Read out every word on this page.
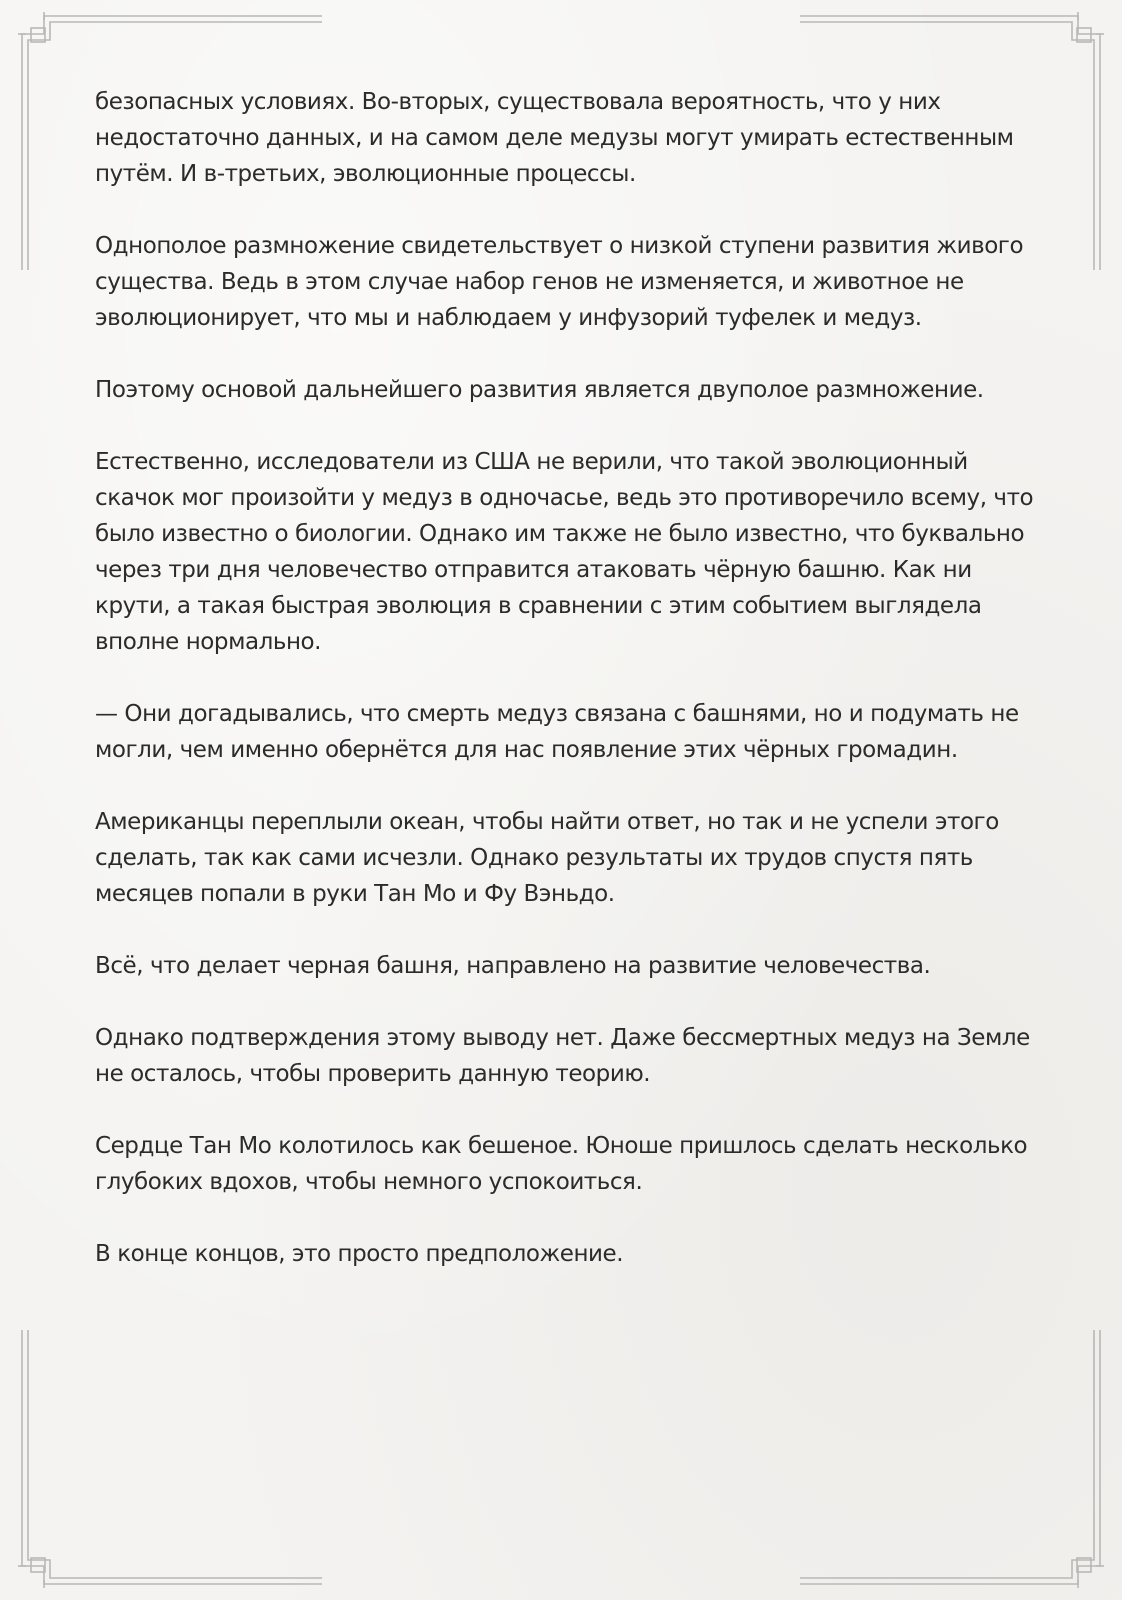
безопасных условиях. Во-вторых, существовала вероятность, что у них недостаточно данных, и на самом деле медузы могут умирать естественным путём. И в-третьих, эволюционные процессы.

Однополое размножение свидетельствует о низкой ступени развития живого существа. Ведь в этом случае набор генов не изменяется, и животное не эволюционирует, что мы и наблюдаем у инфузорий туфелек и медуз.

Поэтому основой дальнейшего развития является двуполое размножение.

Естественно, исследователи из США не верили, что такой эволюционный скачок мог произойти у медуз в одночасье, ведь это противоречило всему, что было известно о биологии. Однако им также не было известно, что буквально через три дня человечество отправится атаковать чёрную башню. Как ни крути, а такая быстрая эволюция в сравнении с этим событием выглядела вполне нормально.

— Они догадывались, что смерть медуз связана с башнями, но и подумать не могли, чем именно обернётся для нас появление этих чёрных громадин.

Американцы переплыли океан, чтобы найти ответ, но так и не успели этого сделать, так как сами исчезли. Однако результаты их трудов спустя пять месяцев попали в руки Тан Мо и Фу Вэньдо.

Всё, что делает черная башня, направлено на развитие человечества.

Однако подтверждения этому выводу нет. Даже бессмертных медуз на Земле не осталось, чтобы проверить данную теорию.

Сердце Тан Мо колотилось как бешеное. Юноше пришлось сделать несколько глубоких вдохов, чтобы немного успокоиться.

В конце концов, это просто предположение.
